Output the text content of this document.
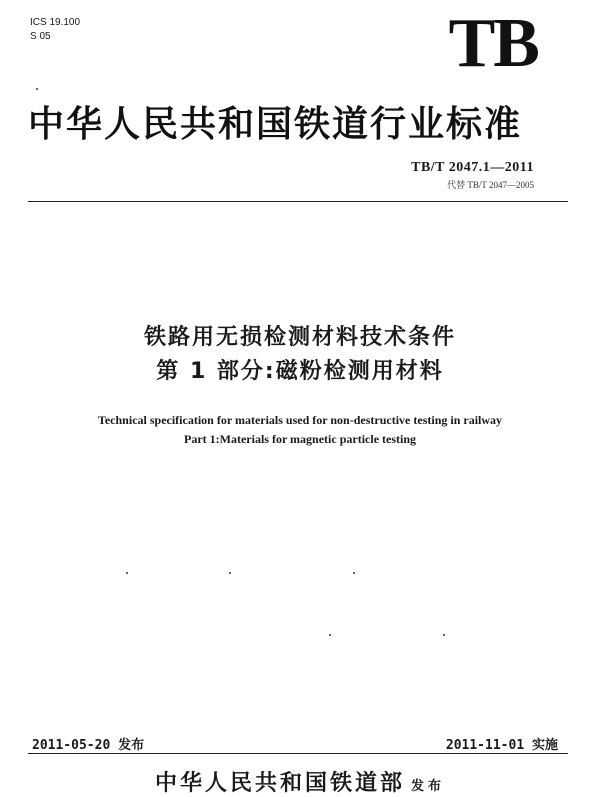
ICS 19.100
S 05	TB
中华人民共和国铁道行业标准
TB/T 2047.1—2011
代替 TB/T 2047—2005
铁路用无损检测材料技术条件
第 1 部分:磁粉检测用材料
Technical specification for materials used for non-destructive testing in railway
Part 1:Materials for magnetic particle testing
2011-05-20 发布	2011-11-01 实施
中华人民共和国铁道部 发布
